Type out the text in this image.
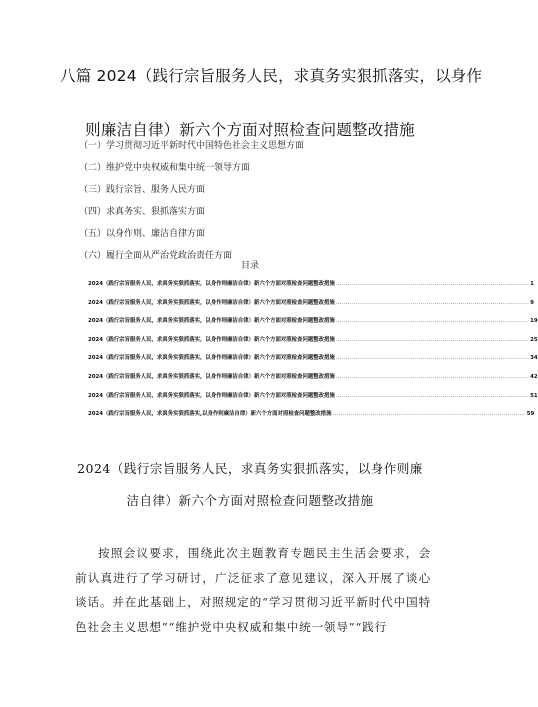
八篇 2024（践行宗旨服务人民，求真务实狠抓落实，以身作
则廉洁自律）新六个方面对照检查问题整改措施
（一）学习贯彻习近平新时代中国特色社会主义思想方面
（二）维护党中央权威和集中统一领导方面
（三）践行宗旨、服务人民方面
（四）求真务实、狠抓落实方面
（五）以身作则、廉洁自律方面
（六）履行全面从严治党政治责任方面
目录
2024（践行宗旨服务人民，求真务实狠抓落实，以身作则廉洁自律）新六个方面对照检查问题整改措施 ................................................................................................ 1
2024（践行宗旨服务人民，求真务实狠抓落实，以身作则廉洁自律）新六个方面对照检查问题整改措施 ................................................................................................ 9
2024（践行宗旨服务人民，求真务实狠抓落实，以身作则廉洁自律）新六个方面对照检查问题整改措施 ................................................................................................ 19
2024（践行宗旨服务人民，求真务实狠抓落实，以身作则廉洁自律）新六个方面对照检查问题整改措施 ................................................................................................ 25
2024（践行宗旨服务人民，求真务实狠抓落实，以身作则廉洁自律）新六个方面对照检查问题整改措施 ................................................................................................ 34
2024（践行宗旨服务人民，求真务实狠抓落实，以身作则廉洁自律）新六个方面对照检查问题整改措施 ................................................................................................ 42
2024（践行宗旨服务人民，求真务实狠抓落实，以身作则廉洁自律）新六个方面对照检查问题整改措施 ................................................................................................ 51
2024（践行宗旨服务人民，求真务实狠抓落实,以身作则廉洁自律）新六个方面对照检查问题整改措施 ................................................................................................ 59
2024（践行宗旨服务人民，求真务实狠抓落实，以身作则廉
洁自律）新六个方面对照检查问题整改措施

按照会议要求，围绕此次主题教育专题民主生活会要求，会前认真进行了学习研讨，广泛征求了意见建议，深入开展了谈心谈话。并在此基础上，对照规定的“学习贯彻习近平新时代中国特色社会主义思想”“维护党中央权威和集中统一领导”“践行
